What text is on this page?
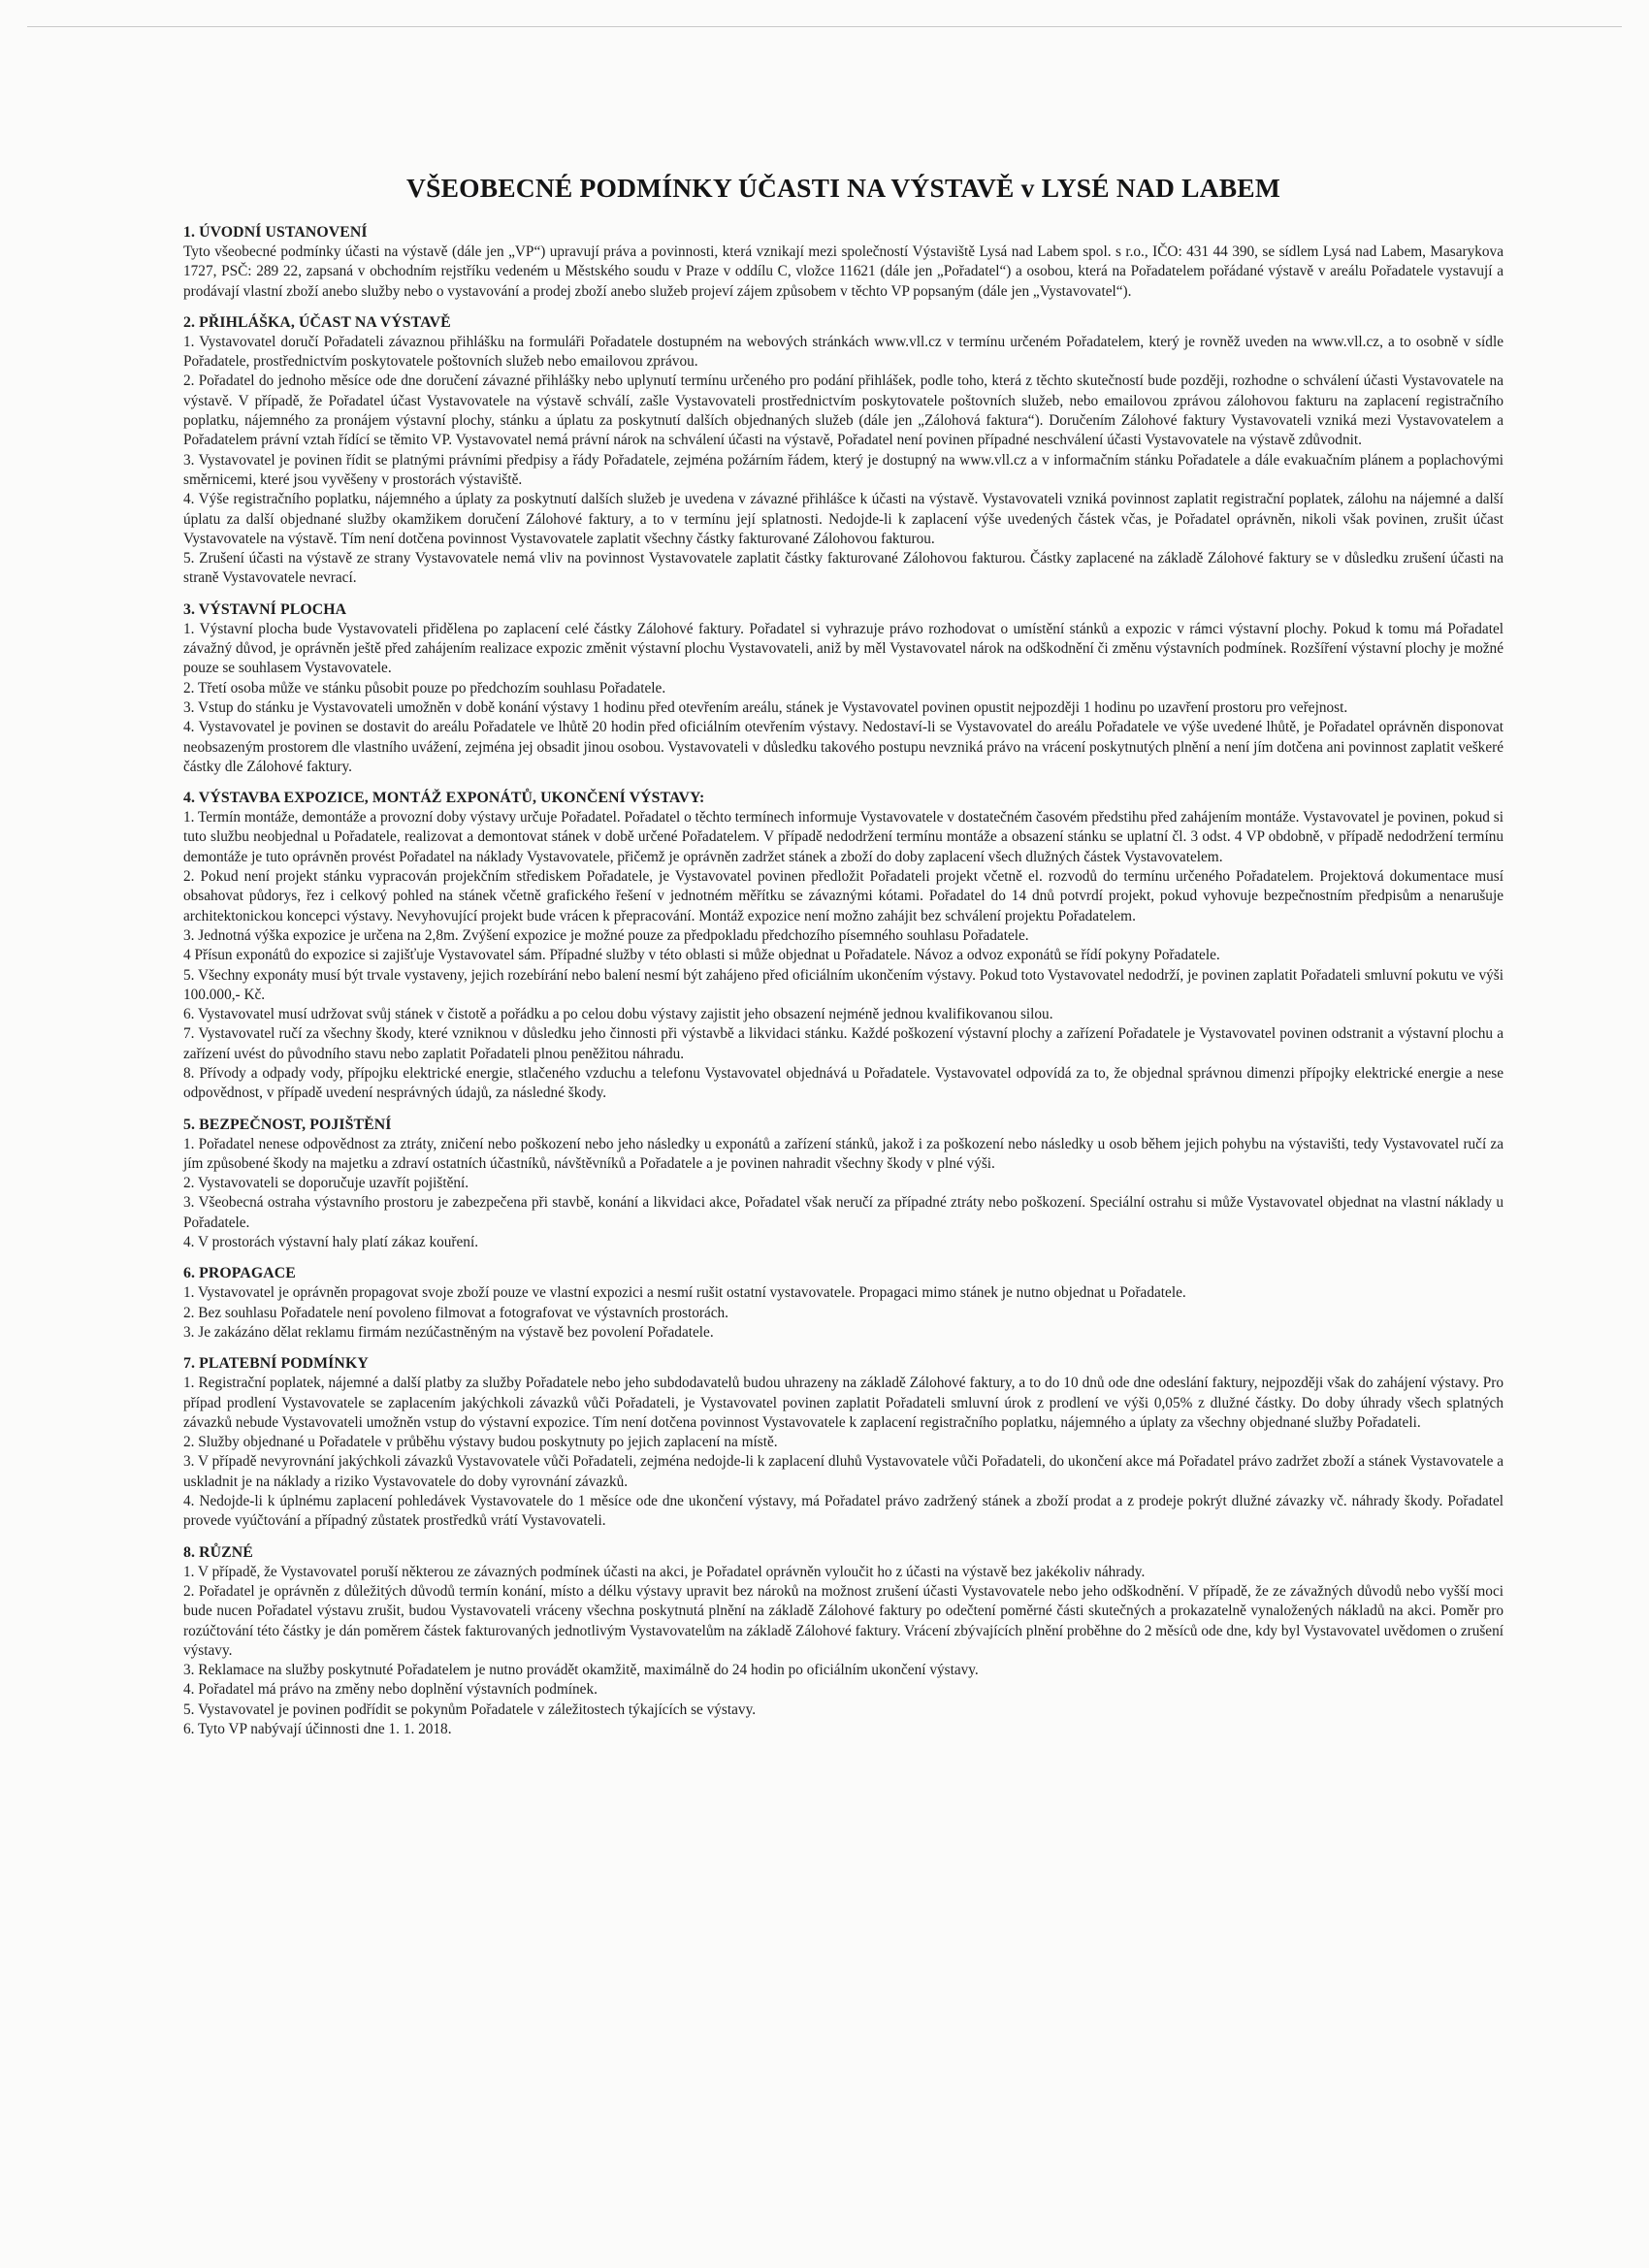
VŠEOBECNÉ PODMÍNKY ÚČASTI NA VÝSTAVĚ v LYSÉ NAD LABEM
1. ÚVODNÍ USTANOVENÍ

Tyto všeobecné podmínky účasti na výstavě (dále jen „VP“) upravují práva a povinnosti, která vznikají mezi společností Výstaviště Lysá nad Labem spol. s r.o., IČO: 431 44 390, se sídlem Lysá nad Labem, Masarykova 1727, PSČ: 289 22, zapsaná v obchodním rejstříku vedeném u Městského soudu v Praze v oddílu C, vložce 11621 (dále jen „Pořadatel“) a osobou, která na Pořadatelem pořádané výstavě v areálu Pořadatele vystavují a prodávají vlastní zboží anebo služby nebo o vystavování a prodej zboží anebo služeb projeví zájem způsobem v těchto VP popsaným (dále jen „Vystavovatel“).

2. PŘIHLÁŠKA, ÚČAST NA VÝSTAVĚ

1. Vystavovatel doručí Pořadateli závaznou přihlášku na formuláři Pořadatele dostupném na webových stránkách www.vll.cz v termínu určeném Pořadatelem, který je rovněž uveden na www.vll.cz, a to osobně v sídle Pořadatele, prostřednictvím poskytovatele poštovních služeb nebo emailovou zprávou.

2. Pořadatel do jednoho měsíce ode dne doručení závazné přihlášky nebo uplynutí termínu určeného pro podání přihlášek, podle toho, která z těchto skutečností bude později, rozhodne o schválení účasti Vystavovatele na výstavě. V případě, že Pořadatel účast Vystavovatele na výstavě schválí, zašle Vystavovateli prostřednictvím poskytovatele poštovních služeb, nebo emailovou zprávou zálohovou fakturu na zaplacení registračního poplatku, nájemného za pronájem výstavní plochy, stánku a úplatu za poskytnutí dalších objednaných služeb (dále jen „Zálohová faktura“). Doručením Zálohové faktury Vystavovateli vzniká mezi Vystavovatelem a Pořadatelem právní vztah řídící se těmito VP. Vystavovatel nemá právní nárok na schválení účasti na výstavě, Pořadatel není povinen případné neschválení účasti Vystavovatele na výstavě zdůvodnit.

3. Vystavovatel je povinen řídit se platnými právními předpisy a řády Pořadatele, zejména požárním řádem, který je dostupný na www.vll.cz a v informačním stánku Pořadatele a dále evakuačním plánem a poplachovými směrnicemi, které jsou vyvěšeny v prostorách výstaviště.

4. Výše registračního poplatku, nájemného a úplaty za poskytnutí dalších služeb je uvedena v závazné přihlášce k účasti na výstavě. Vystavovateli vzniká povinnost zaplatit registrační poplatek, zálohu na nájemné a další úplatu za další objednané služby okamžikem doručení Zálohové faktury, a to v termínu její splatnosti. Nedojde-li k zaplacení výše uvedených částek včas, je Pořadatel oprávněn, nikoli však povinen, zrušit účast Vystavovatele na výstavě. Tím není dotčena povinnost Vystavovatele zaplatit všechny částky fakturované Zálohovou fakturou.

5. Zrušení účasti na výstavě ze strany Vystavovatele nemá vliv na povinnost Vystavovatele zaplatit částky fakturované Zálohovou fakturou. Částky zaplacené na základě Zálohové faktury se v důsledku zrušení účasti na straně Vystavovatele nevrací.

3. VÝSTAVNÍ PLOCHA

1. Výstavní plocha bude Vystavovateli přidělena po zaplacení celé částky Zálohové faktury. Pořadatel si vyhrazuje právo rozhodovat o umístění stánků a expozic v rámci výstavní plochy. Pokud k tomu má Pořadatel závažný důvod, je oprávněn ještě před zahájením realizace expozic změnit výstavní plochu Vystavovateli, aniž by měl Vystavovatel nárok na odškodnění či změnu výstavních podmínek. Rozšíření výstavní plochy je možné pouze se souhlasem Vystavovatele.

2. Třetí osoba může ve stánku působit pouze po předchozím souhlasu Pořadatele.

3. Vstup do stánku je Vystavovateli umožněn v době konání výstavy 1 hodinu před otevřením areálu, stánek je Vystavovatel povinen opustit nejpozději 1 hodinu po uzavření prostoru pro veřejnost.

4. Vystavovatel je povinen se dostavit do areálu Pořadatele ve lhůtě 20 hodin před oficiálním otevřením výstavy. Nedostaví-li se Vystavovatel do areálu Pořadatele ve výše uvedené lhůtě, je Pořadatel oprávněn disponovat neobsazeným prostorem dle vlastního uvážení, zejména jej obsadit jinou osobou. Vystavovateli v důsledku takového postupu nevzniká právo na vrácení poskytnutých plnění a není jím dotčena ani povinnost zaplatit veškeré částky dle Zálohové faktury.

4. VÝSTAVBA EXPOZICE, MONTÁŽ EXPONÁTŮ, UKONČENÍ VÝSTAVY:

1. Termín montáže, demontáže a provozní doby výstavy určuje Pořadatel. Pořadatel o těchto termínech informuje Vystavovatele v dostatečném časovém předstihu před zahájením montáže. Vystavovatel je povinen, pokud si tuto službu neobjednal u Pořadatele, realizovat a demontovat stánek v době určené Pořadatelem. V případě nedodržení termínu montáže a obsazení stánku se uplatní čl. 3 odst. 4 VP obdobně, v případě nedodržení termínu demontáže je tuto oprávněn provést Pořadatel na náklady Vystavovatele, přičemž je oprávněn zadržet stánek a zboží do doby zaplacení všech dlužných částek Vystavovatelem.

2. Pokud není projekt stánku vypracován projekčním střediskem Pořadatele, je Vystavovatel povinen předložit Pořadateli projekt včetně el. rozvodů do termínu určeného Pořadatelem. Projektová dokumentace musí obsahovat půdorys, řez i celkový pohled na stánek včetně grafického řešení v jednotném měřítku se závaznými kótami. Pořadatel do 14 dnů potvrdí projekt, pokud vyhovuje bezpečnostním předpisům a nenarušuje architektonickou koncepci výstavy. Nevyhovující projekt bude vrácen k přepracování. Montáž expozice není možno zahájit bez schválení projektu Pořadatelem.

3. Jednotná výška expozice je určena na 2,8m. Zvýšení expozice je možné pouze za předpokladu předchozího písemného souhlasu Pořadatele.

4 Přísun exponátů do expozice si zajišťuje Vystavovatel sám. Případné služby v této oblasti si může objednat u Pořadatele. Návoz a odvoz exponátů se řídí pokyny Pořadatele.

5. Všechny exponáty musí být trvale vystaveny, jejich rozebírání nebo balení nesmí být zahájeno před oficiálním ukončením výstavy. Pokud toto Vystavovatel nedodrží, je povinen zaplatit Pořadateli smluvní pokutu ve výši 100.000,- Kč.

6. Vystavovatel musí udržovat svůj stánek v čistotě a pořádku a po celou dobu výstavy zajistit jeho obsazení nejméně jednou kvalifikovanou silou.

7. Vystavovatel ručí za všechny škody, které vzniknou v důsledku jeho činnosti při výstavbě a likvidaci stánku. Každé poškození výstavní plochy a zařízení Pořadatele je Vystavovatel povinen odstranit a výstavní plochu a zařízení uvést do původního stavu nebo zaplatit Pořadateli plnou peněžitou náhradu.

8. Přívody a odpady vody, přípojku elektrické energie, stlačeného vzduchu a telefonu Vystavovatel objednává u Pořadatele. Vystavovatel odpovídá za to, že objednal správnou dimenzi přípojky elektrické energie a nese odpovědnost, v případě uvedení nesprávných údajů, za následné škody.

5. BEZPEČNOST, POJIŠTĚNÍ

1. Pořadatel nenese odpovědnost za ztráty, zničení nebo poškození nebo jeho následky u exponátů a zařízení stánků, jakož i za poškození nebo následky u osob během jejich pohybu na výstavišti, tedy Vystavovatel ručí za jím způsobené škody na majetku a zdraví ostatních účastníků, návštěvníků a Pořadatele a je povinen nahradit všechny škody v plné výši.

2. Vystavovateli se doporučuje uzavřít pojištění.

3. Všeobecná ostraha výstavního prostoru je zabezpečena při stavbě, konání a likvidaci akce, Pořadatel však neručí za případné ztráty nebo poškození. Speciální ostrahu si může Vystavovatel objednat na vlastní náklady u Pořadatele.

4. V prostorách výstavní haly platí zákaz kouření.

6. PROPAGACE

1. Vystavovatel je oprávněn propagovat svoje zboží pouze ve vlastní expozici a nesmí rušit ostatní vystavovatele. Propagaci mimo stánek je nutno objednat u Pořadatele.

2. Bez souhlasu Pořadatele není povoleno filmovat a fotografovat ve výstavních prostorách.

3. Je zakázáno dělat reklamu firmám nezúčastněným na výstavě bez povolení Pořadatele.

7. PLATEBNÍ PODMÍNKY

1. Registrační poplatek, nájemné a další platby za služby Pořadatele nebo jeho subdodavatelů budou uhrazeny na základě Zálohové faktury, a to do 10 dnů ode dne odeslání faktury, nejpozději však do zahájení výstavy. Pro případ prodlení Vystavovatele se zaplacením jakýchkoli závazků vůči Pořadateli, je Vystavovatel povinen zaplatit Pořadateli smluvní úrok z prodlení ve výši 0,05% z dlužné částky. Do doby úhrady všech splatných závazků nebude Vystavovateli umožněn vstup do výstavní expozice. Tím není dotčena povinnost Vystavovatele k zaplacení registračního poplatku, nájemného a úplaty za všechny objednané služby Pořadateli.

2. Služby objednané u Pořadatele v průběhu výstavy budou poskytnuty po jejich zaplacení na místě.

3. V případě nevyrovnání jakýchkoli závazků Vystavovatele vůči Pořadateli, zejména nedojde-li k zaplacení dluhů Vystavovatele vůči Pořadateli, do ukončení akce má Pořadatel právo zadržet zboží a stánek Vystavovatele a uskladnit je na náklady a riziko Vystavovatele do doby vyrovnání závazků.

4. Nedojde-li k úplnému zaplacení pohledávek Vystavovatele do 1 měsíce ode dne ukončení výstavy, má Pořadatel právo zadržený stánek a zboží prodat a z prodeje pokrýt dlužné závazky vč. náhrady škody. Pořadatel provede vyúčtování a případný zůstatek prostředků vrátí Vystavovateli.

8. RŮZNÉ

1. V případě, že Vystavovatel poruší některou ze závazných podmínek účasti na akci, je Pořadatel oprávněn vyloučit ho z účasti na výstavě bez jakékoliv náhrady.

2. Pořadatel je oprávněn z důležitých důvodů termín konání, místo a délku výstavy upravit bez nároků na možnost zrušení účasti Vystavovatele nebo jeho odškodnění. V případě, že ze závažných důvodů nebo vyšší moci bude nucen Pořadatel výstavu zrušit, budou Vystavovateli vráceny všechna poskytnutá plnění na základě Zálohové faktury po odečtení poměrné části skutečných a prokazatelně vynaložených nákladů na akci. Poměr pro rozúčtování této částky je dán poměrem částek fakturovaných jednotlivým Vystavovatelům na základě Zálohové faktury. Vrácení zbývajících plnění proběhne do 2 měsíců ode dne, kdy byl Vystavovatel uvědomen o zrušení výstavy.

3. Reklamace na služby poskytnuté Pořadatelem je nutno provádět okamžitě, maximálně do 24 hodin po oficiálním ukončení výstavy.

4. Pořadatel má právo na změny nebo doplnění výstavních podmínek.

5. Vystavovatel je povinen podřídit se pokynům Pořadatele v záležitostech týkajících se výstavy.

6. Tyto VP nabývají účinnosti dne 1. 1. 2018.
